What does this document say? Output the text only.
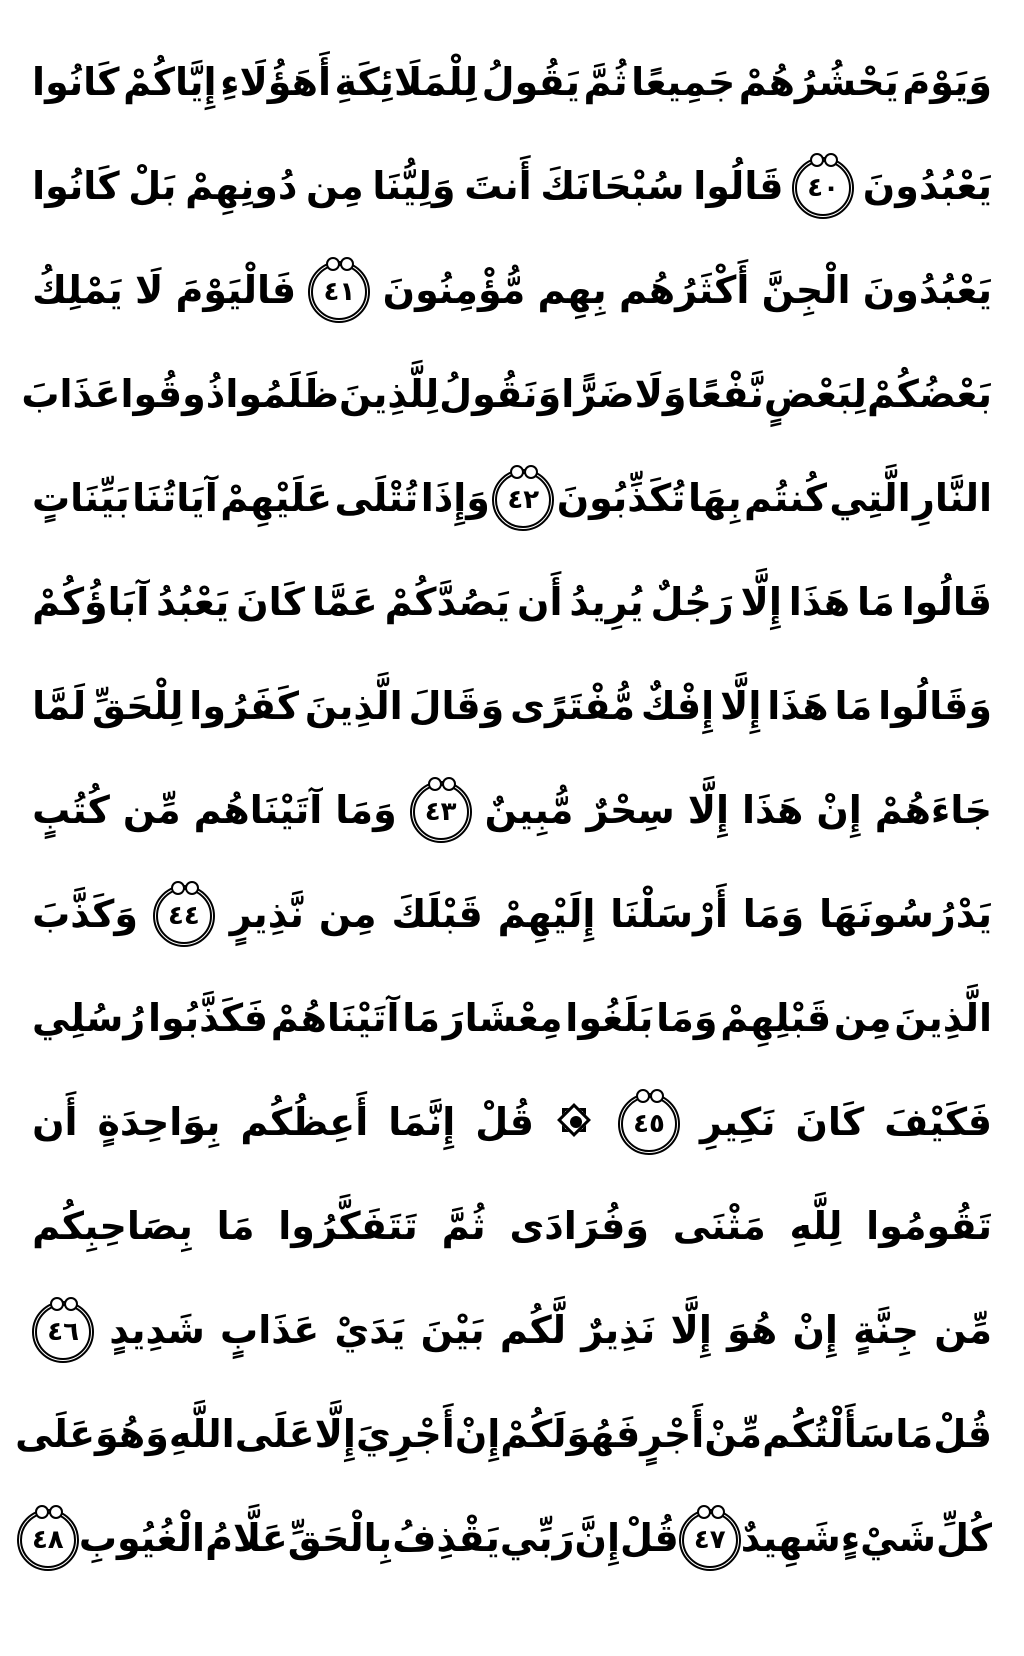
وَيَوْمَ
يَحْشُرُهُمْ
جَمِيعًا
ثُمَّ
يَقُولُ
لِلْمَلَائِكَةِ
أَهَؤُلَاءِ
إِيَّاكُمْ
كَانُوا
يَعْبُدُونَ
٤٠
قَالُوا
سُبْحَانَكَ
أَنتَ
وَلِيُّنَا
مِن
دُونِهِمْ
بَلْ
كَانُوا
يَعْبُدُونَ
الْجِنَّ
أَكْثَرُهُم
بِهِم
مُّؤْمِنُونَ
٤١
فَالْيَوْمَ
لَا
يَمْلِكُ
بَعْضُكُمْ
لِبَعْضٍ
نَّفْعًا
وَلَا
ضَرًّا
وَنَقُولُ
لِلَّذِينَ
ظَلَمُوا
ذُوقُوا
عَذَابَ
النَّارِ
الَّتِي
كُنتُم
بِهَا
تُكَذِّبُونَ
٤٢
وَإِذَا
تُتْلَى
عَلَيْهِمْ
آيَاتُنَا
بَيِّنَاتٍ
قَالُوا
مَا
هَذَا
إِلَّا
رَجُلٌ
يُرِيدُ
أَن
يَصُدَّكُمْ
عَمَّا
كَانَ
يَعْبُدُ
آبَاؤُكُمْ
وَقَالُوا
مَا
هَذَا
إِلَّا
إِفْكٌ
مُّفْتَرًى
وَقَالَ
الَّذِينَ
كَفَرُوا
لِلْحَقِّ
لَمَّا
جَاءَهُمْ
إِنْ
هَذَا
إِلَّا
سِحْرٌ
مُّبِينٌ
٤٣
وَمَا
آتَيْنَاهُم
مِّن
كُتُبٍ
يَدْرُسُونَهَا
وَمَا
أَرْسَلْنَا
إِلَيْهِمْ
قَبْلَكَ
مِن
نَّذِيرٍ
٤٤
وَكَذَّبَ
الَّذِينَ
مِن
قَبْلِهِمْ
وَمَا
بَلَغُوا
مِعْشَارَ
مَا
آتَيْنَاهُمْ
فَكَذَّبُوا
رُسُلِي
فَكَيْفَ
كَانَ
نَكِيرِ
٤٥
قُلْ
إِنَّمَا
أَعِظُكُم
بِوَاحِدَةٍ
أَن
تَقُومُوا
لِلَّهِ
مَثْنَى
وَفُرَادَى
ثُمَّ
تَتَفَكَّرُوا
مَا
بِصَاحِبِكُم
مِّن
جِنَّةٍ
إِنْ
هُوَ
إِلَّا
نَذِيرٌ
لَّكُم
بَيْنَ
يَدَيْ
عَذَابٍ
شَدِيدٍ
٤٦
قُلْ
مَا
سَأَلْتُكُم
مِّنْ
أَجْرٍ
فَهُوَ
لَكُمْ
إِنْ
أَجْرِيَ
إِلَّا
عَلَى
اللَّهِ
وَهُوَ
عَلَى
كُلِّ
شَيْءٍ
شَهِيدٌ
٤٧
قُلْ
إِنَّ
رَبِّي
يَقْذِفُ
بِالْحَقِّ
عَلَّامُ
الْغُيُوبِ
٤٨
